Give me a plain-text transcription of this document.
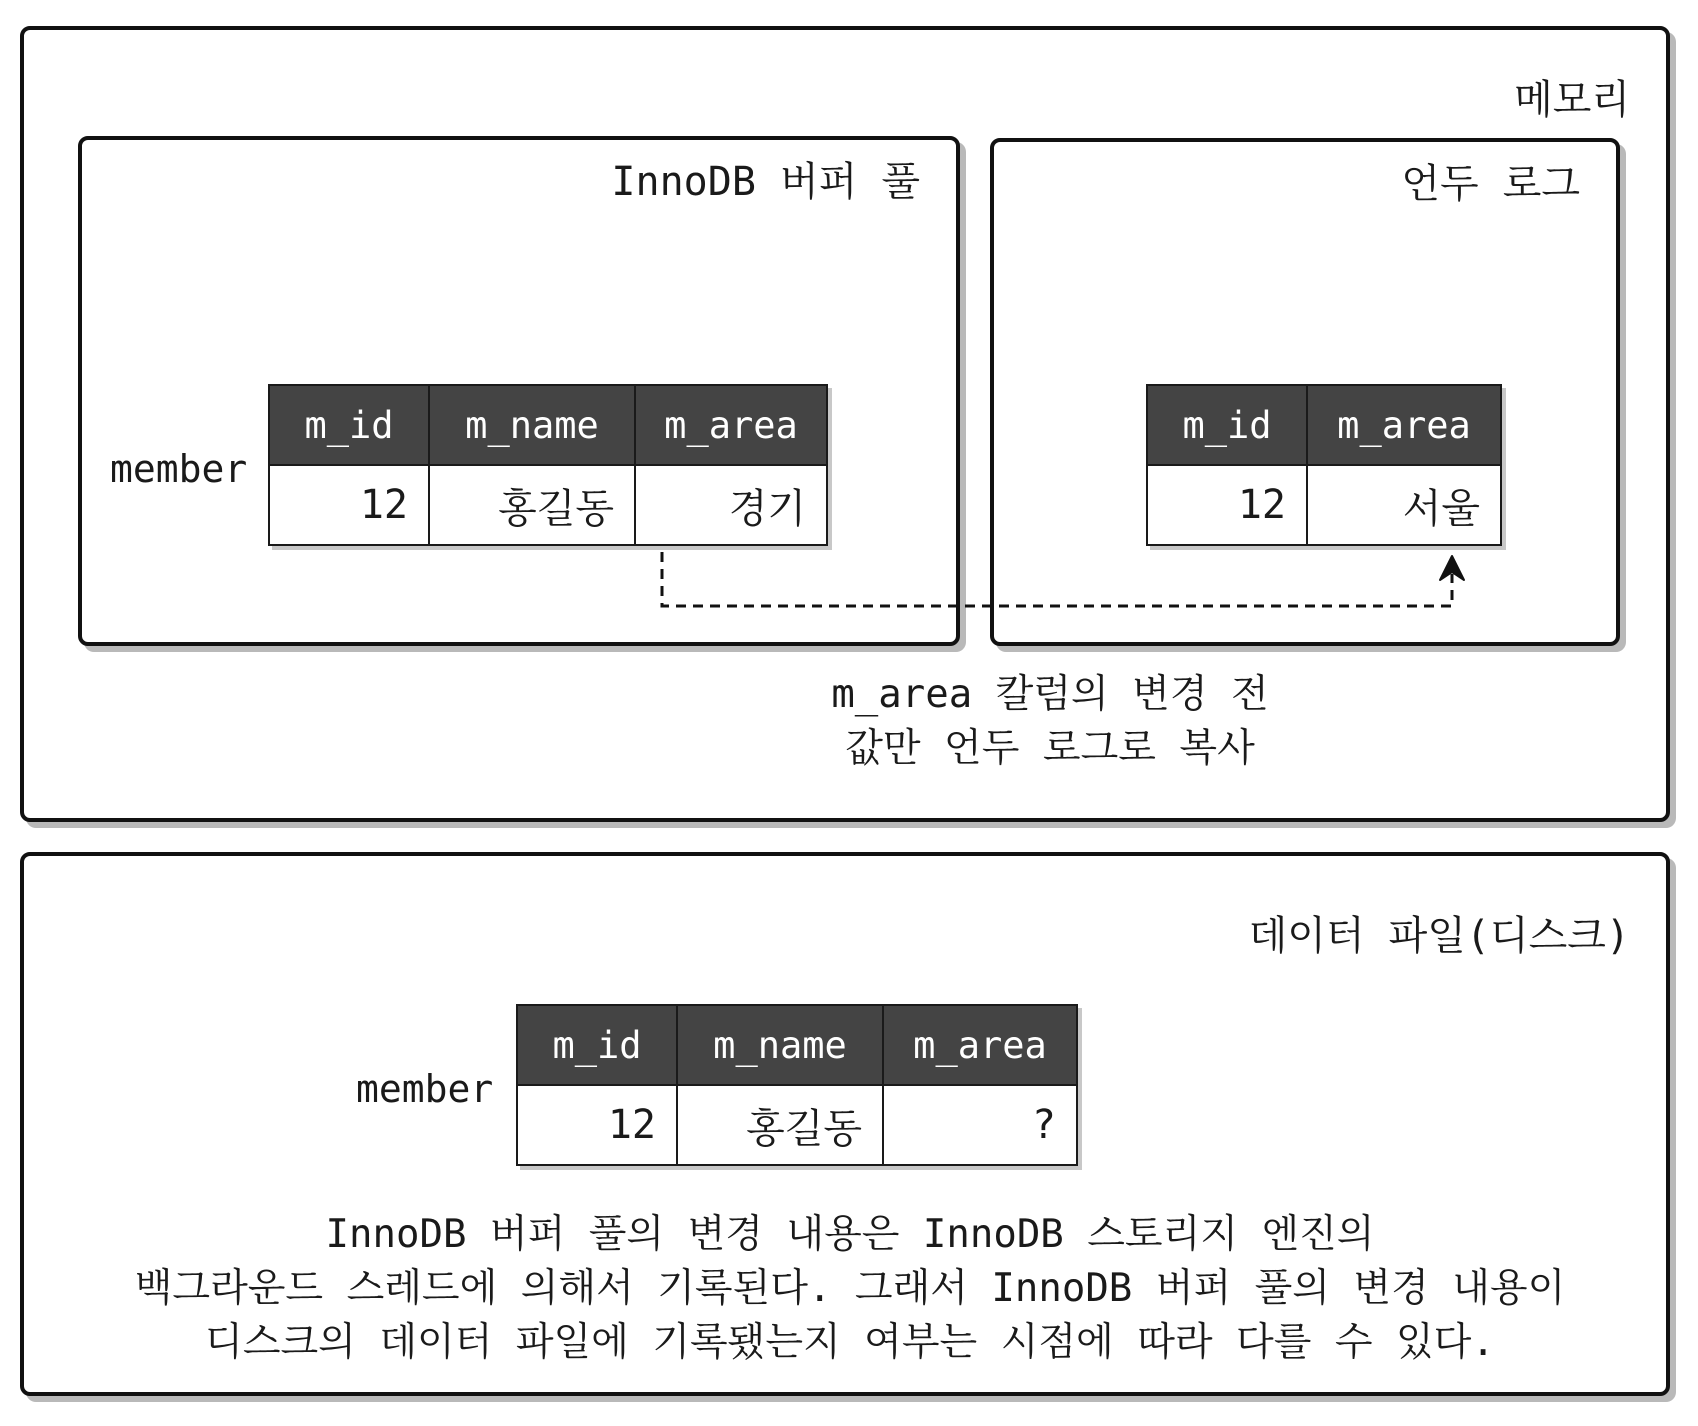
메모리
InnoDB 버퍼 풀	언두 로그
member
m_id	m_name	m_area
12	홍길동	경기
m_id	m_area
12	서울
m_area 칼럼의 변경 전
값만 언두 로그로 복사
데이터 파일(디스크)
member
m_id	m_name	m_area
12	홍길동	?
InnoDB 버퍼 풀의 변경 내용은 InnoDB 스토리지 엔진의
백그라운드 스레드에 의해서 기록된다. 그래서 InnoDB 버퍼 풀의 변경 내용이
디스크의 데이터 파일에 기록됐는지 여부는 시점에 따라 다를 수 있다.
